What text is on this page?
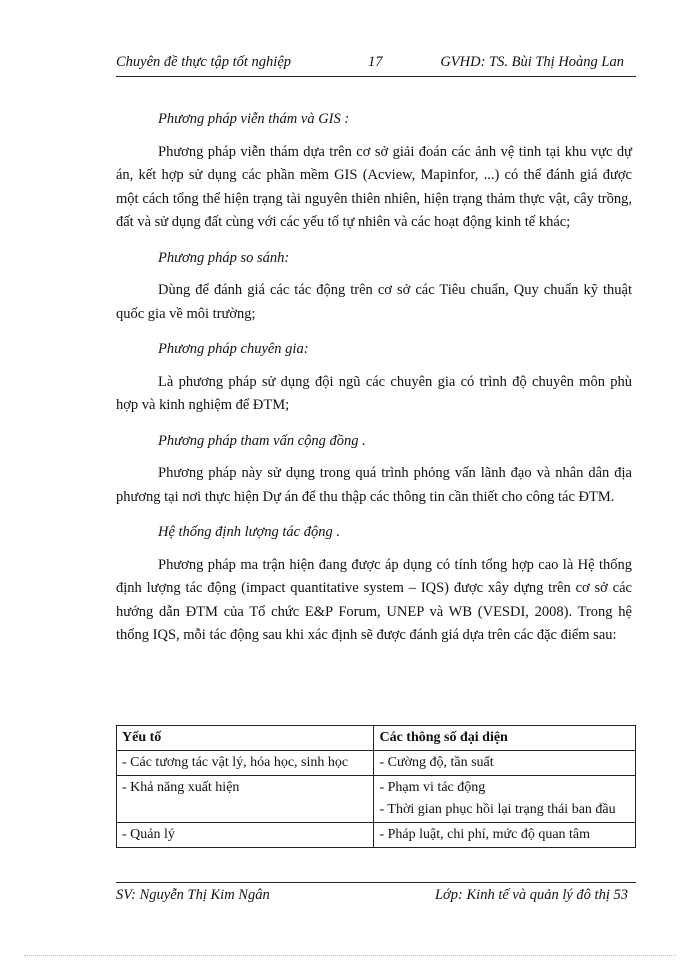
Chuyên đề thực tập tốt nghiệp	17	GVHD: TS. Bùi Thị Hoàng Lan

Phương pháp viễn thám và GIS :

Phương pháp viễn thám dựa trên cơ sở giải đoán các ảnh vệ tinh tại khu vực dự án, kết hợp sử dụng các phần mềm GIS (Acview, Mapinfor, ...) có thể đánh giá được một cách tổng thể hiện trạng tài nguyên thiên nhiên, hiện trạng thảm thực vật, cây trồng, đất và sử dụng đất cùng với các yếu tố tự nhiên và các hoạt động kinh tế khác;

Phương pháp so sánh:

Dùng để đánh giá các tác động trên cơ sở các Tiêu chuẩn, Quy chuẩn kỹ thuật quốc gia về môi trường;

Phương pháp chuyên gia:

Là phương pháp sử dụng đội ngũ các chuyên gia có trình độ chuyên môn phù hợp và kinh nghiệm để ĐTM;

Phương pháp tham vấn cộng đồng .

Phương pháp này sử dụng trong quá trình phỏng vấn lãnh đạo và nhân dân địa phương tại nơi thực hiện Dự án để thu thập các thông tin cần thiết cho công tác ĐTM.

Hệ thống định lượng tác động .

Phương pháp ma trận hiện đang được áp dụng có tính tổng hợp cao là Hệ thống định lượng tác động (impact quantitative system – IQS) được xây dựng trên cơ sở các hướng dẫn ĐTM của Tổ chức E&P Forum, UNEP và WB (VESDI, 2008). Trong hệ thống IQS, mỗi tác động sau khi xác định sẽ được đánh giá dựa trên các đặc điểm sau:

Yếu tố	Các thông số đại diện
- Các tương tác vật lý, hóa học, sinh học	- Cường độ, tần suất

- Khả năng xuất hiện	- Phạm vi tác động
- Thời gian phục hồi lại trạng thái ban đầu

- Quản lý	- Pháp luật, chi phí, mức độ quan tâm
SV: Nguyễn Thị Kim Ngân	Lớp: Kinh tế và quản lý đô thị 53
